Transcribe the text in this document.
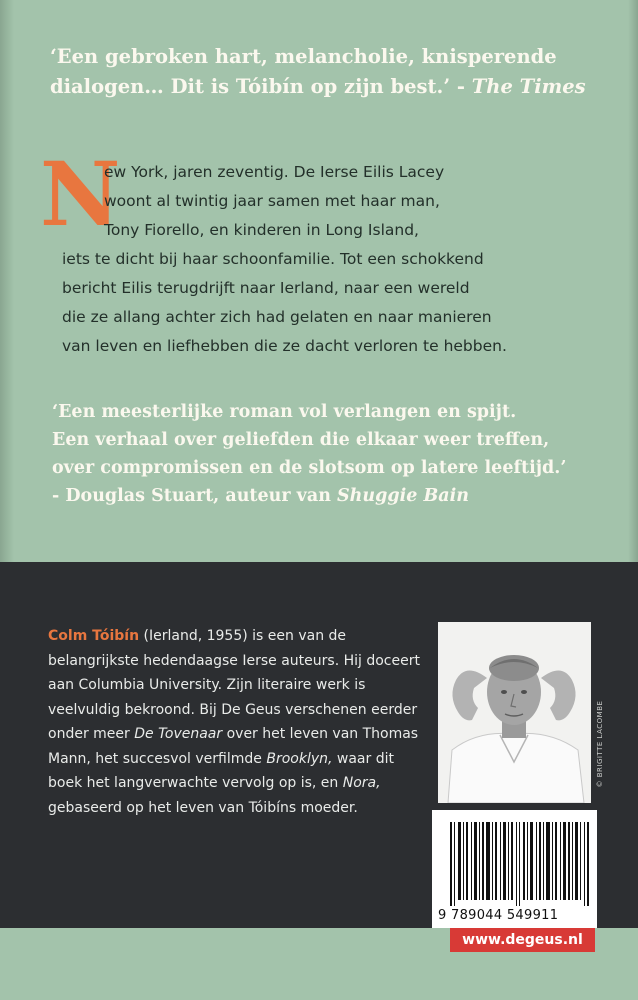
‘Een gebroken hart, melancholie, knisperende
dialogen… Dit is Tóibín op zijn best.’ - The Times
N
ew York, jaren zeventig. De Ierse Eilis Lacey
woont al twintig jaar samen met haar man,
Tony Fiorello, en kinderen in Long Island,
iets te dicht bij haar schoonfamilie. Tot een schokkend
bericht Eilis terugdrijft naar Ierland, naar een wereld
die ze allang achter zich had gelaten en naar manieren
van leven en liefhebben die ze dacht verloren te hebben.
‘Een meesterlijke roman vol verlangen en spijt.
Een verhaal over geliefden die elkaar weer treffen,
over compromissen en de slotsom op latere leeftijd.’
- Douglas Stuart, auteur van Shuggie Bain
Colm Tóibín (Ierland, 1955) is een van de belangrijkste hedendaagse Ierse auteurs. Hij doceert aan Columbia University. Zijn literaire werk is veelvuldig bekroond. Bij De Geus verschenen eerder onder meer De Tovenaar over het leven van Thomas Mann, het succesvol verfilmde Brooklyn, waar dit boek het langverwachte vervolg op is, en Nora, gebaseerd op het leven van Tóibíns moeder.
© BRIGITTE LACOMBE
9 789044 549911
www.degeus.nl
